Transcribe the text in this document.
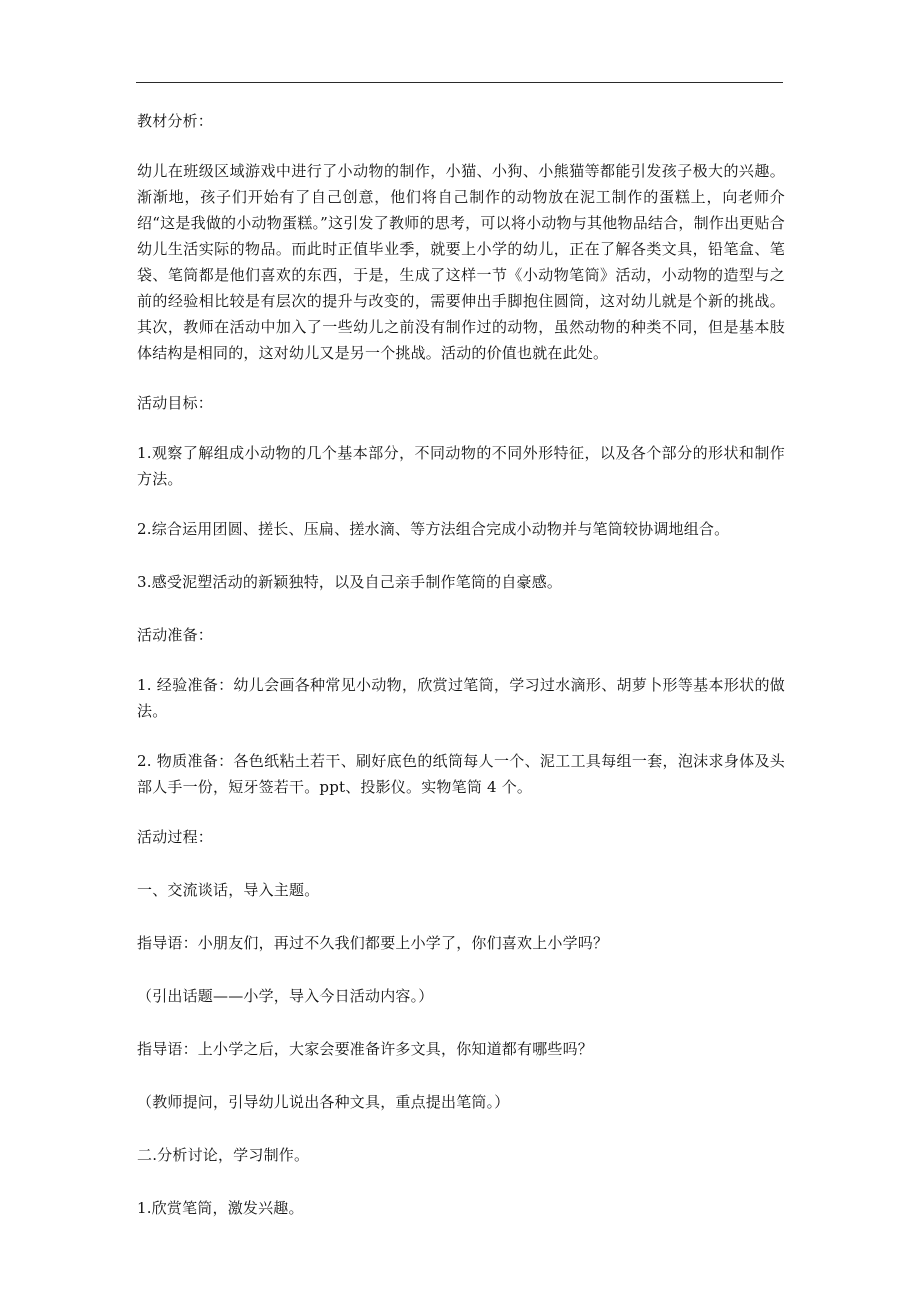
教材分析：

幼儿在班级区域游戏中进行了小动物的制作，小猫、小狗、小熊猫等都能引发孩子极大的兴趣。渐渐地，孩子们开始有了自己创意，他们将自己制作的动物放在泥工制作的蛋糕上，向老师介绍“这是我做的小动物蛋糕。”这引发了教师的思考，可以将小动物与其他物品结合，制作出更贴合幼儿生活实际的物品。而此时正值毕业季，就要上小学的幼儿，正在了解各类文具，铅笔盒、笔袋、笔筒都是他们喜欢的东西，于是，生成了这样一节《小动物笔筒》活动，小动物的造型与之前的经验相比较是有层次的提升与改变的，需要伸出手脚抱住圆筒，这对幼儿就是个新的挑战。其次，教师在活动中加入了一些幼儿之前没有制作过的动物，虽然动物的种类不同，但是基本肢体结构是相同的，这对幼儿又是另一个挑战。活动的价值也就在此处。

活动目标：

1.观察了解组成小动物的几个基本部分，不同动物的不同外形特征，以及各个部分的形状和制作方法。

2.综合运用团圆、搓长、压扁、搓水滴、等方法组合完成小动物并与笔筒较协调地组合。

3.感受泥塑活动的新颖独特，以及自己亲手制作笔筒的自豪感。

活动准备：

1. 经验准备：幼儿会画各种常见小动物，欣赏过笔筒，学习过水滴形、胡萝卜形等基本形状的做法。

2. 物质准备：各色纸粘土若干、刷好底色的纸筒每人一个、泥工工具每组一套，泡沫求身体及头部人手一份，短牙签若干。ppt、投影仪。实物笔筒 4 个。

活动过程：

一、交流谈话，导入主题。

指导语：小朋友们，再过不久我们都要上小学了，你们喜欢上小学吗？

（引出话题——小学，导入今日活动内容。）

指导语：上小学之后，大家会要准备许多文具，你知道都有哪些吗？

（教师提问，引导幼儿说出各种文具，重点提出笔筒。）

二.分析讨论，学习制作。

1.欣赏笔筒，激发兴趣。
